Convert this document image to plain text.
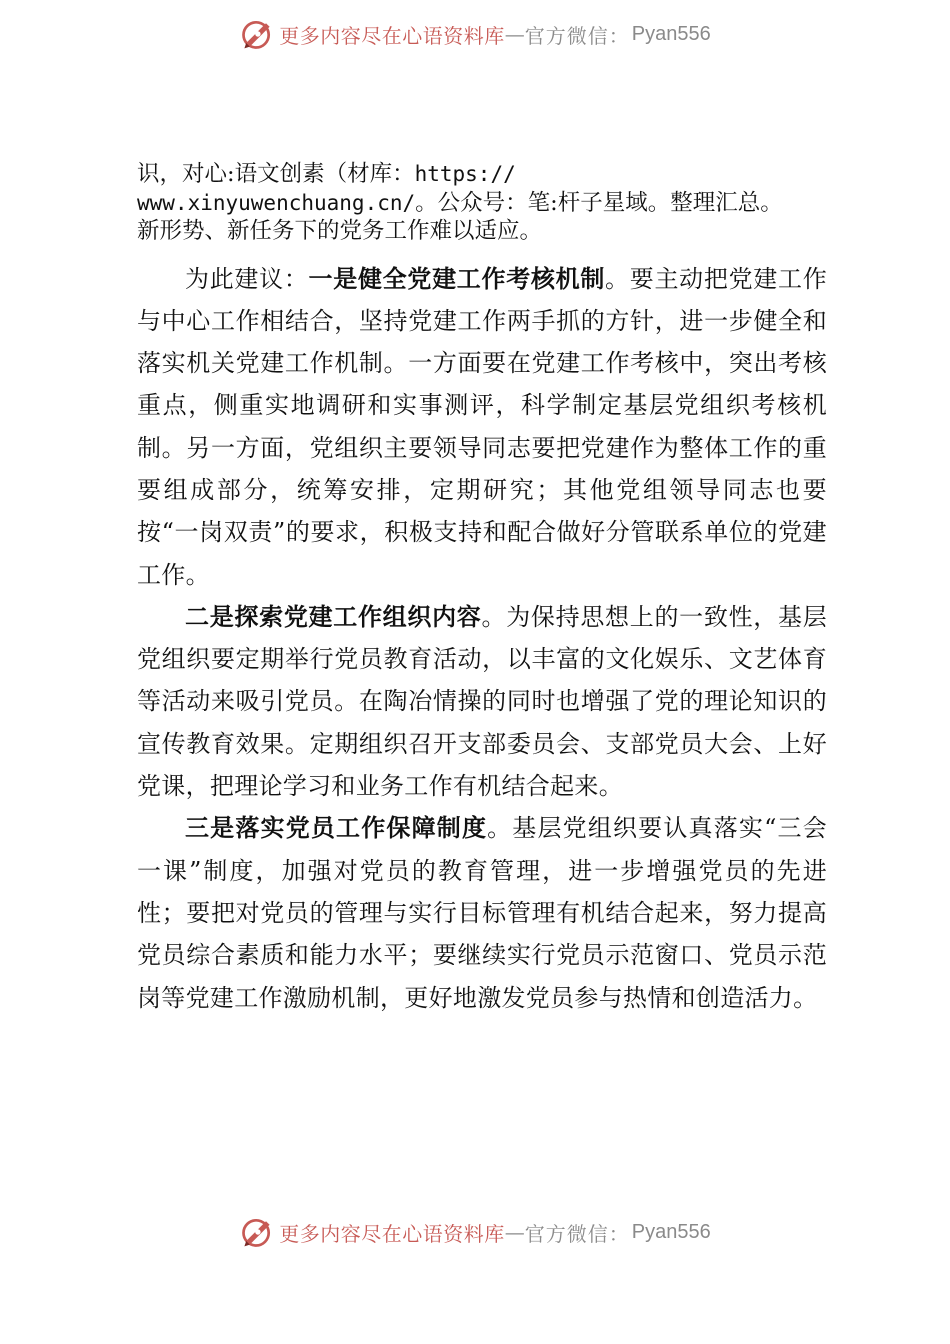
更多内容尽在心语资料库 — 官方微信： Pyan556

识，对心:语文创素（材库：https://

www.xinyuwenchuang.cn/。公众号：笔:杆子星域。整理汇总。

新形势、新任务下的党务工作难以适应。

为此建议：一是健全党建工作考核机制。要主动把党建工作与中心工作相结合，坚持党建工作两手抓的方针，进一步健全和落实机关党建工作机制。一方面要在党建工作考核中，突出考核重点，侧重实地调研和实事测评，科学制定基层党组织考核机制。另一方面，党组织主要领导同志要把党建作为整体工作的重要组成部分，统筹安排，定期研究；其他党组领导同志也要按“一岗双责”的要求，积极支持和配合做好分管联系单位的党建工作。

二是探索党建工作组织内容。为保持思想上的一致性，基层党组织要定期举行党员教育活动，以丰富的文化娱乐、文艺体育等活动来吸引党员。在陶冶情操的同时也增强了党的理论知识的宣传教育效果。定期组织召开支部委员会、支部党员大会、上好党课，把理论学习和业务工作有机结合起来。

三是落实党员工作保障制度。基层党组织要认真落实“三会一课”制度，加强对党员的教育管理，进一步增强党员的先进性；要把对党员的管理与实行目标管理有机结合起来，努力提高党员综合素质和能力水平；要继续实行党员示范窗口、党员示范岗等党建工作激励机制，更好地激发党员参与热情和创造活力。

更多内容尽在心语资料库 — 官方微信： Pyan556
